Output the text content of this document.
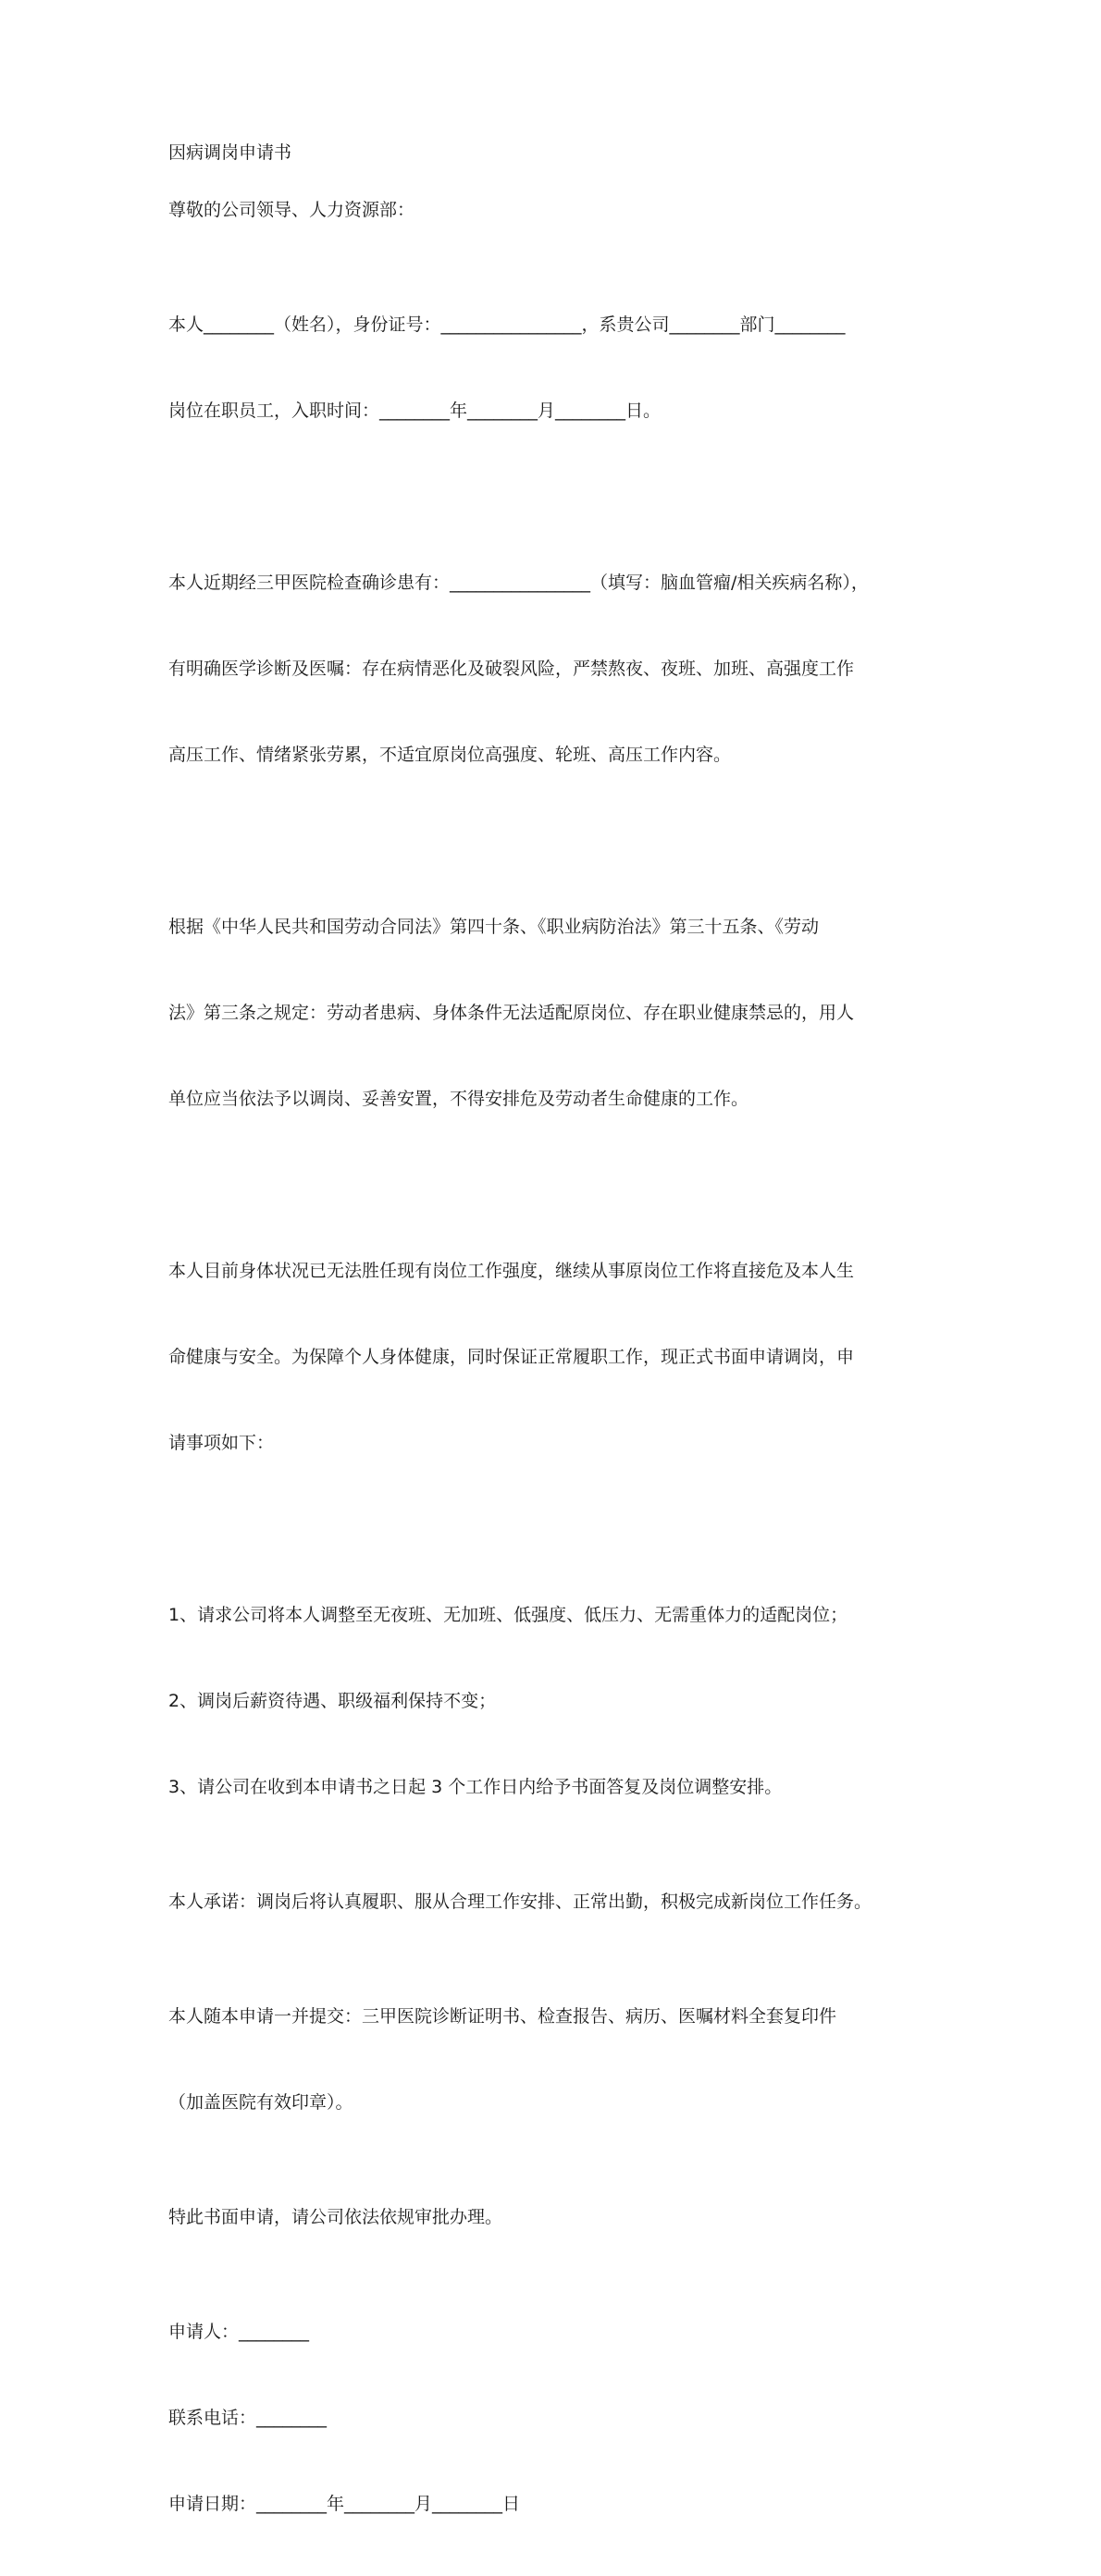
因病调岗申请书

尊敬的公司领导、人力资源部：

本人________（姓名），身份证号：________________，系贵公司________部门________

岗位在职员工，入职时间：________年________月________日。

本人近期经三甲医院检查确诊患有：________________（填写：脑血管瘤/相关疾病名称），

有明确医学诊断及医嘱：存在病情恶化及破裂风险，严禁熬夜、夜班、加班、高强度工作

高压工作、情绪紧张劳累，不适宜原岗位高强度、轮班、高压工作内容。

根据《中华人民共和国劳动合同法》第四十条、《职业病防治法》第三十五条、《劳动

法》第三条之规定：劳动者患病、身体条件无法适配原岗位、存在职业健康禁忌的，用人

单位应当依法予以调岗、妥善安置，不得安排危及劳动者生命健康的工作。

本人目前身体状况已无法胜任现有岗位工作强度，继续从事原岗位工作将直接危及本人生

命健康与安全。为保障个人身体健康，同时保证正常履职工作，现正式书面申请调岗，申

请事项如下：

1、请求公司将本人调整至无夜班、无加班、低强度、低压力、无需重体力的适配岗位；

2、调岗后薪资待遇、职级福利保持不变；

3、请公司在收到本申请书之日起 3 个工作日内给予书面答复及岗位调整安排。

本人承诺：调岗后将认真履职、服从合理工作安排、正常出勤，积极完成新岗位工作任务。

本人随本申请一并提交：三甲医院诊断证明书、检查报告、病历、医嘱材料全套复印件

（加盖医院有效印章）。

特此书面申请，请公司依法依规审批办理。

申请人：________

联系电话：________

申请日期：________年________月________日
